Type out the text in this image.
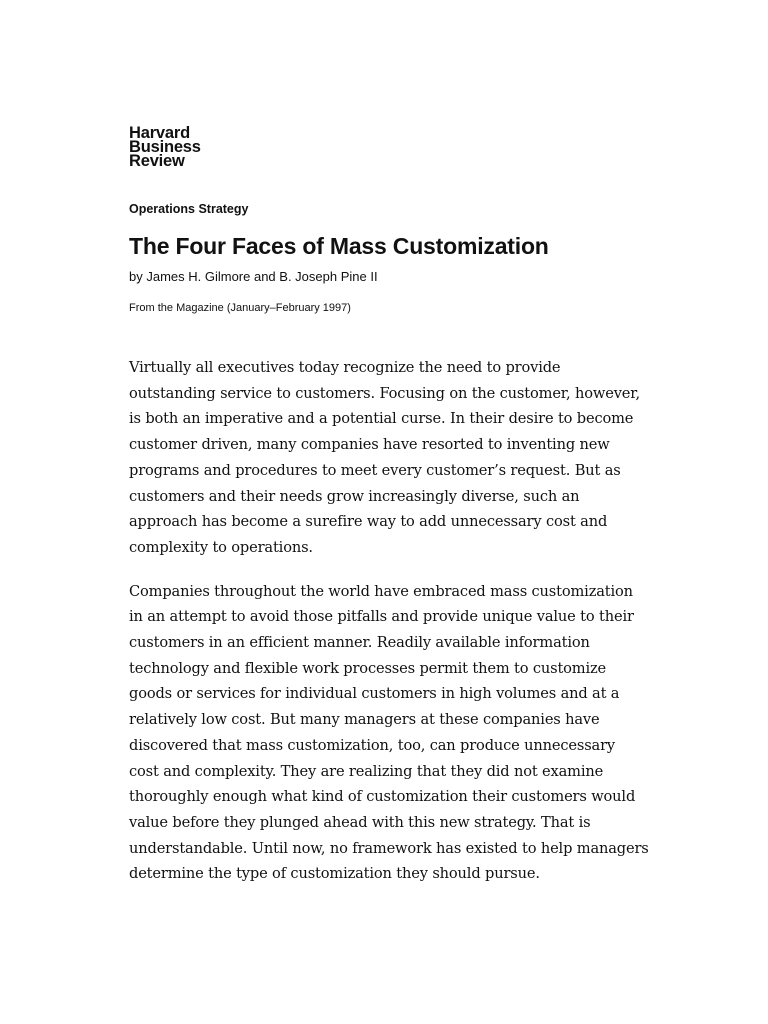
Harvard
Business
Review
Operations Strategy
The Four Faces of Mass Customization
by James H. Gilmore and B. Joseph Pine II
From the Magazine (January–February 1997)

Virtually all executives today recognize the need to provide outstanding service to customers. Focusing on the customer, however, is both an imperative and a potential curse. In their desire to become customer driven, many companies have resorted to inventing new programs and procedures to meet every customer’s request. But as customers and their needs grow increasingly diverse, such an approach has become a surefire way to add unnecessary cost and complexity to operations.

Companies throughout the world have embraced mass customization in an attempt to avoid those pitfalls and provide unique value to their customers in an efficient manner. Readily available information technology and flexible work processes permit them to customize goods or services for individual customers in high volumes and at a relatively low cost. But many managers at these companies have discovered that mass customization, too, can produce unnecessary cost and complexity. They are realizing that they did not examine thoroughly enough what kind of customization their customers would value before they plunged ahead with this new strategy. That is understandable. Until now, no framework has existed to help managers determine the type of customization they should pursue.
